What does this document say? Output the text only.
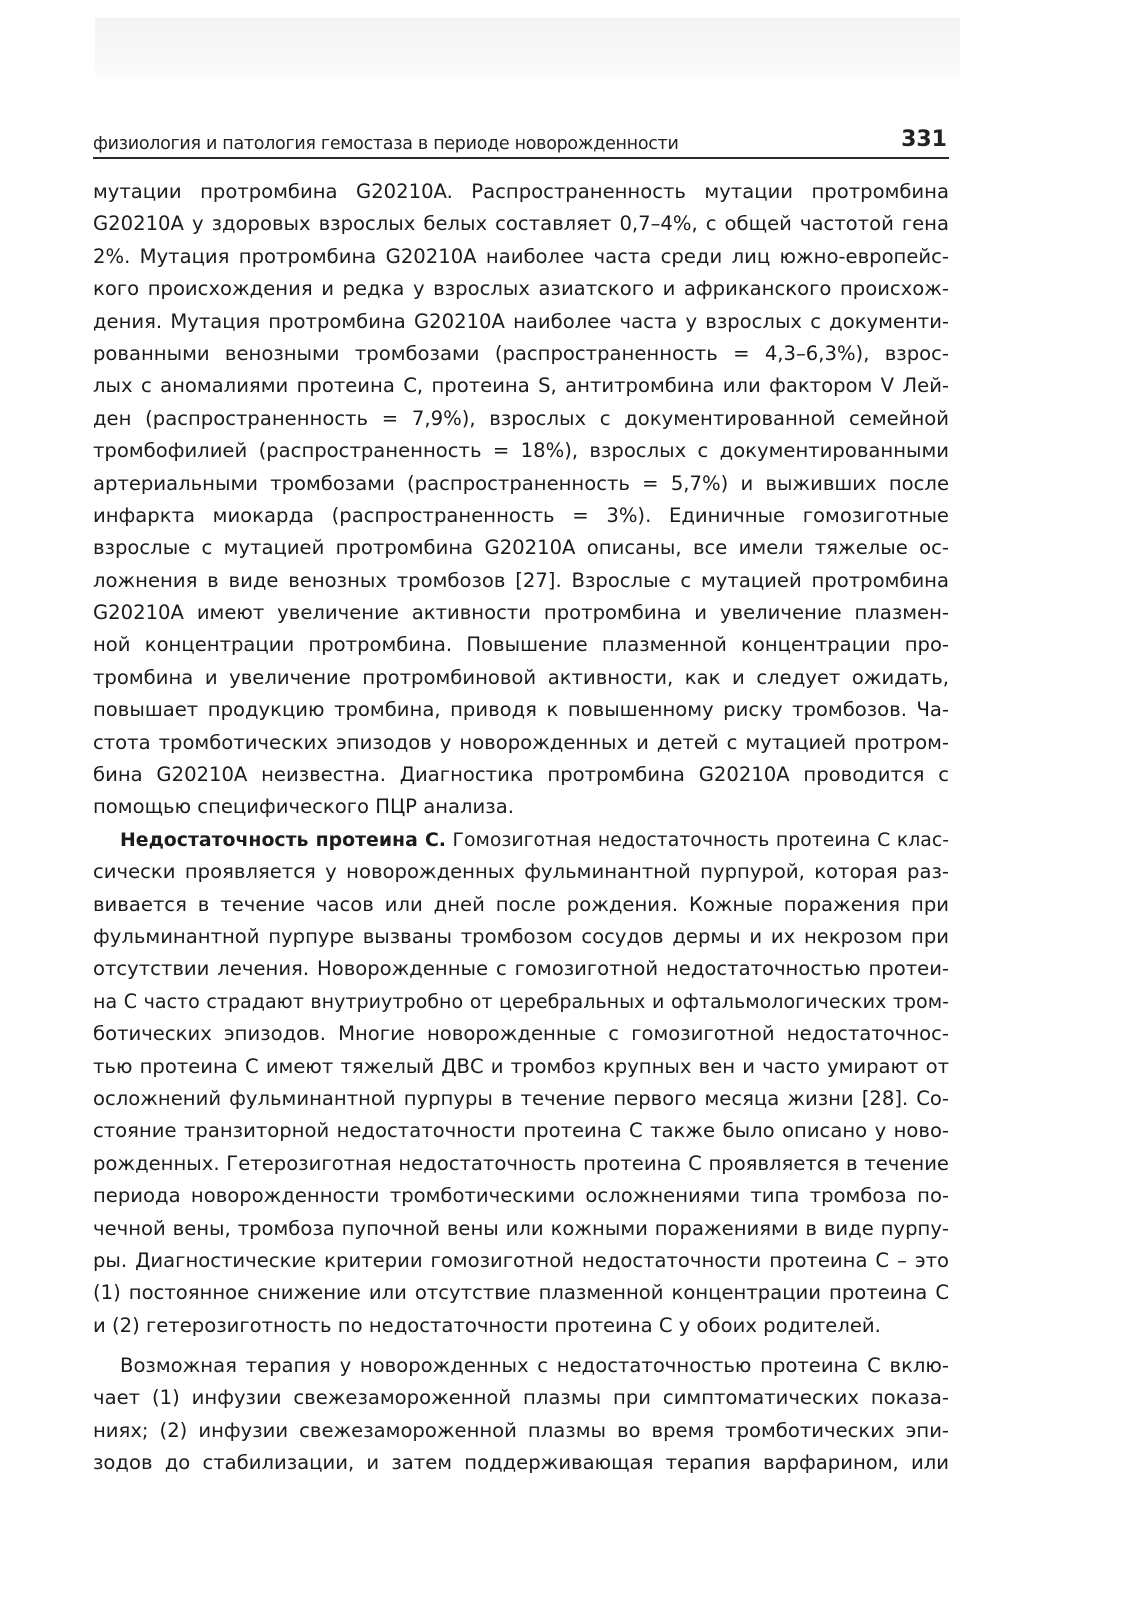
физиология и патология гемостаза в периоде новорожденности	331
мутации протромбина G20210A. Распространенность мутации протромбина
G20210A у здоровых взрослых белых составляет 0,7–4%, с общей частотой гена
2%. Мутация протромбина G20210A наиболее часта среди лиц южно-европейс-
кого происхождения и редка у взрослых азиатского и африканского происхож-
дения. Мутация протромбина G20210A наиболее часта у взрослых с документи-
рованными венозными тромбозами (распространенность = 4,3–6,3%), взрос-
лых с аномалиями протеина С, протеина S, антитромбина или фактором V Лей-
ден (распространенность = 7,9%), взрослых с документированной семейной
тромбофилией (распространенность = 18%), взрослых с документированными
артериальными тромбозами (распространенность = 5,7%) и выживших после
инфаркта миокарда (распространенность = 3%). Единичные гомозиготные
взрослые с мутацией протромбина G20210A описаны, все имели тяжелые ос-
ложнения в виде венозных тромбозов [27]. Взрослые с мутацией протромбина
G20210A имеют увеличение активности протромбина и увеличение плазмен-
ной концентрации протромбина. Повышение плазменной концентрации про-
тромбина и увеличение протромбиновой активности, как и следует ожидать,
повышает продукцию тромбина, приводя к повышенному риску тромбозов. Ча-
стота тромботических эпизодов у новорожденных и детей с мутацией протром-
бина G20210A неизвестна. Диагностика протромбина G20210A проводится с
помощью специфического ПЦР анализа.
Недостаточность протеина С. Гомозиготная недостаточность протеина С клас-
сически проявляется у новорожденных фульминантной пурпурой, которая раз-
вивается в течение часов или дней после рождения. Кожные поражения при
фульминантной пурпуре вызваны тромбозом сосудов дермы и их некрозом при
отсутствии лечения. Новорожденные с гомозиготной недостаточностью протеи-
на С часто страдают внутриутробно от церебральных и офтальмологических тром-
ботических эпизодов. Многие новорожденные с гомозиготной недостаточнос-
тью протеина С имеют тяжелый ДВС и тромбоз крупных вен и часто умирают от
осложнений фульминантной пурпуры в течение первого месяца жизни [28]. Со-
стояние транзиторной недостаточности протеина С также было описано у ново-
рожденных. Гетерозиготная недостаточность протеина С проявляется в течение
периода новорожденности тромботическими осложнениями типа тромбоза по-
чечной вены, тромбоза пупочной вены или кожными поражениями в виде пурпу-
ры. Диагностические критерии гомозиготной недостаточности протеина С – это
(1) постоянное снижение или отсутствие плазменной концентрации протеина С
и (2) гетерозиготность по недостаточности протеина С у обоих родителей.
Возможная терапия у новорожденных с недостаточностью протеина С вклю-
чает (1) инфузии свежезамороженной плазмы при симптоматических показа-
ниях; (2) инфузии свежезамороженной плазмы во время тромботических эпи-
зодов до стабилизации, и затем поддерживающая терапия варфарином, или
